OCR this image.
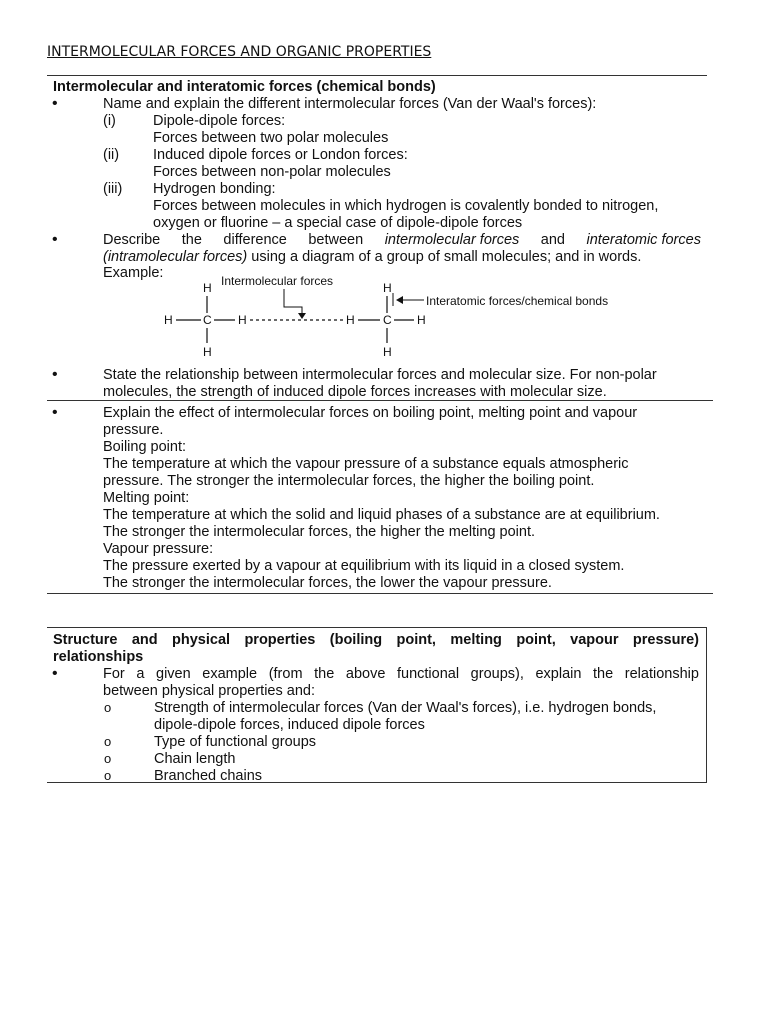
INTERMOLECULAR FORCES AND ORGANIC PROPERTIES
Intermolecular and interatomic forces (chemical bonds)
•	Name and explain the different intermolecular forces (Van der Waal's forces):
(i)	Dipole-dipole forces:
Forces between two polar molecules
(ii) Induced dipole forces or London forces:
Forces between non-polar molecules
(iii) Hydrogen bonding:
Forces between molecules in which hydrogen is covalently bonded to nitrogen,
oxygen or fluorine – a special case of dipole-dipole forces
•	Describe the difference between intermolecular forces and interatomic forces
(intramolecular forces) using a diagram of a group of small molecules; and in words.
Example:	Intermolecular forces
Interatomic forces/chemical bonds
H
H	C H
H
H
H C H
H
•	State the relationship between intermolecular forces and molecular size. For non-polar
molecules, the strength of induced dipole forces increases with molecular size.
•	Explain the effect of intermolecular forces on boiling point, melting point and vapour
pressure.
Boiling point:
The temperature at which the vapour pressure of a substance equals atmospheric
pressure. The stronger the intermolecular forces, the higher the boiling point.
Melting point:
The temperature at which the solid and liquid phases of a substance are at equilibrium.
The stronger the intermolecular forces, the higher the melting point.
Vapour pressure:
The pressure exerted by a vapour at equilibrium with its liquid in a closed system.
The stronger the intermolecular forces, the lower the vapour pressure.
Structure and physical properties (boiling point, melting point, vapour pressure)
relationships
•	For a given example (from the above functional groups), explain the relationship
between physical properties and:
o	Strength of intermolecular forces (Van der Waal's forces), i.e. hydrogen bonds,
dipole-dipole forces, induced dipole forces
o	Type of functional groups
o	Chain length
o	Branched chains
